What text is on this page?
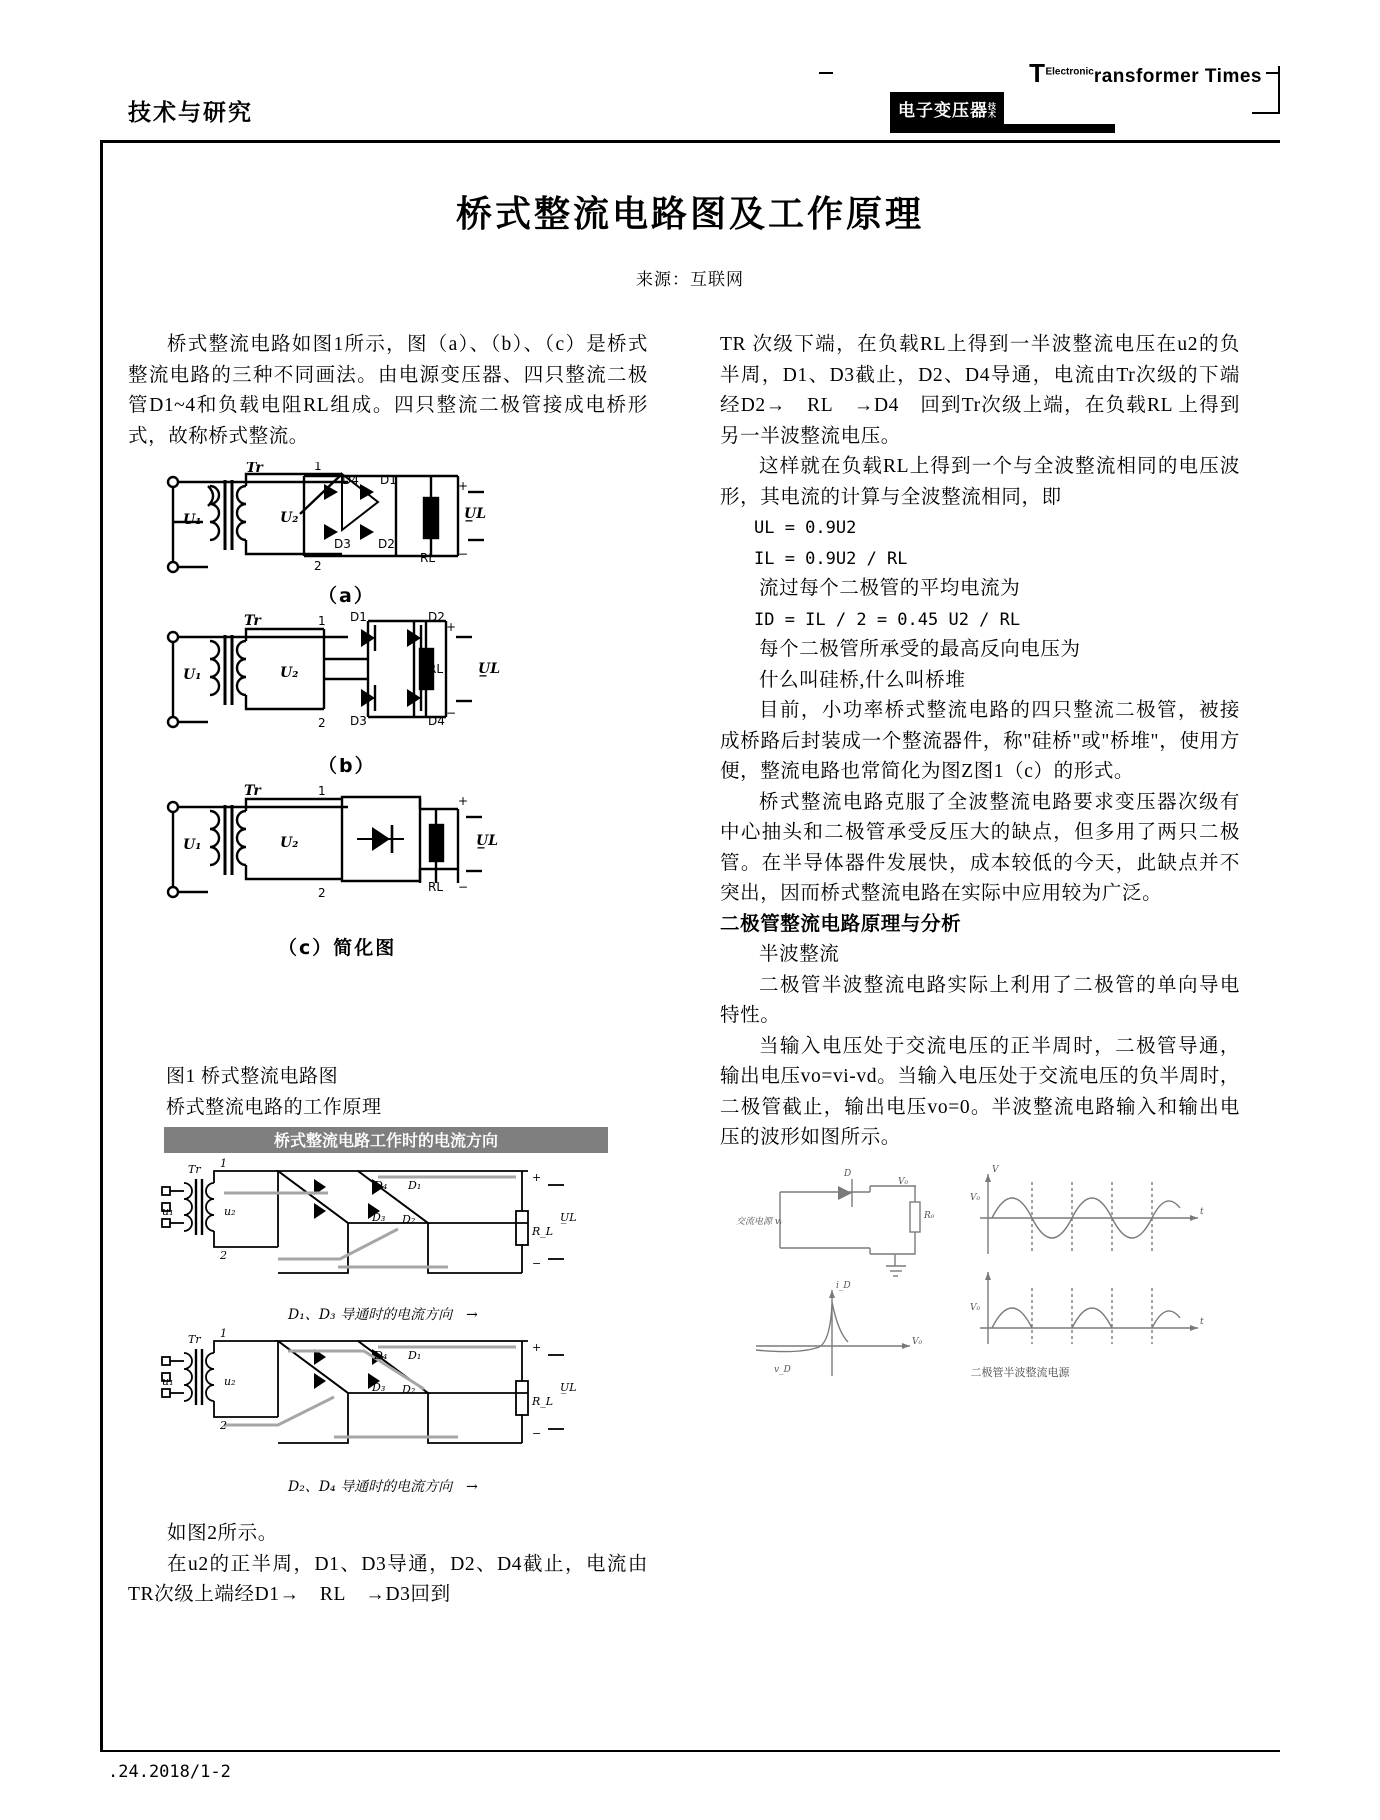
技术与研究
$T^{Electronic}ransformer$ Times
电子变压器技
术
桥式整流电路图及工作原理
来源：互联网

桥式整流电路如图1所示，图（a）、（b）、（c）是桥式整流电路的三种不同画法。由电源变压器、四只整流二极管D1~4和负载电阻RL组成。四只整流二极管接成电桥形式，故称桥式整流。

Tr
U₁	U₂	U̲L
1
2
D4 D1
D3 D2
RL
+
−
（a）
Tr
U₁	U₂	U̲L
1
2
D1	D2
D3	D4
RL
+
−
（b）
Tr
U₁	U₂	U̲L
1
2	RL
+
−
（c）简化图

图1 桥式整流电路图

桥式整流电路的工作原理

桥式整流电路工作时的电流方向
Tr
u₁	u₂
D₄ D₁
D₃ D₂
R_L
U̲L
1
2
+
−
D₁、D₃ 导通时的电流方向　→
Tr
u₁	u₂
D₄ D₁
D₃ D₂
R_L
U̲L
1
2
+
−
D₂、D₄ 导通时的电流方向　→

如图2所示。

在u2的正半周，D1、D3导通，D2、D4截止，电流由TR次级上端经D1→　RL　→D3回到

TR 次级下端，在负载RL上得到一半波整流电压在u2的负半周，D1、D3截止，D2、D4导通，电流由Tr次级的下端经D2→　RL　→D4　回到Tr次级上端，在负载RL 上得到另一半波整流电压。

这样就在负载RL上得到一个与全波整流相同的电压波形，其电流的计算与全波整流相同，即

UL = 0.9U2

IL = 0.9U2 / RL

流过每个二极管的平均电流为

ID = IL / 2 = 0.45 U2 / RL

每个二极管所承受的最高反向电压为

什么叫硅桥,什么叫桥堆

目前，小功率桥式整流电路的四只整流二极管，被接成桥路后封装成一个整流器件，称"硅桥"或"桥堆"，使用方便，整流电路也常简化为图Z图1（c）的形式。

桥式整流电路克服了全波整流电路要求变压器次级有中心抽头和二极管承受反压大的缺点，但多用了两只二极管。在半导体器件发展快，成本较低的今天，此缺点并不突出，因而桥式整流电路在实际中应用较为广泛。

二极管整流电路原理与分析

半波整流

二极管半波整流电路实际上利用了二极管的单向导电特性。

当输入电压处于交流电压的正半周时，二极管导通，输出电压vo=vi-vd。当输入电压处于交流电压的负半周时，二极管截止，输出电压vo=0。半波整流电路输入和输出电压的波形如图所示。

D
V₀
R₀
交流电源 vᵢ
i_D
V₀
v_D
V
t
V₀
V₀
t
二极管半波整流电源
.24.2018/1-2
